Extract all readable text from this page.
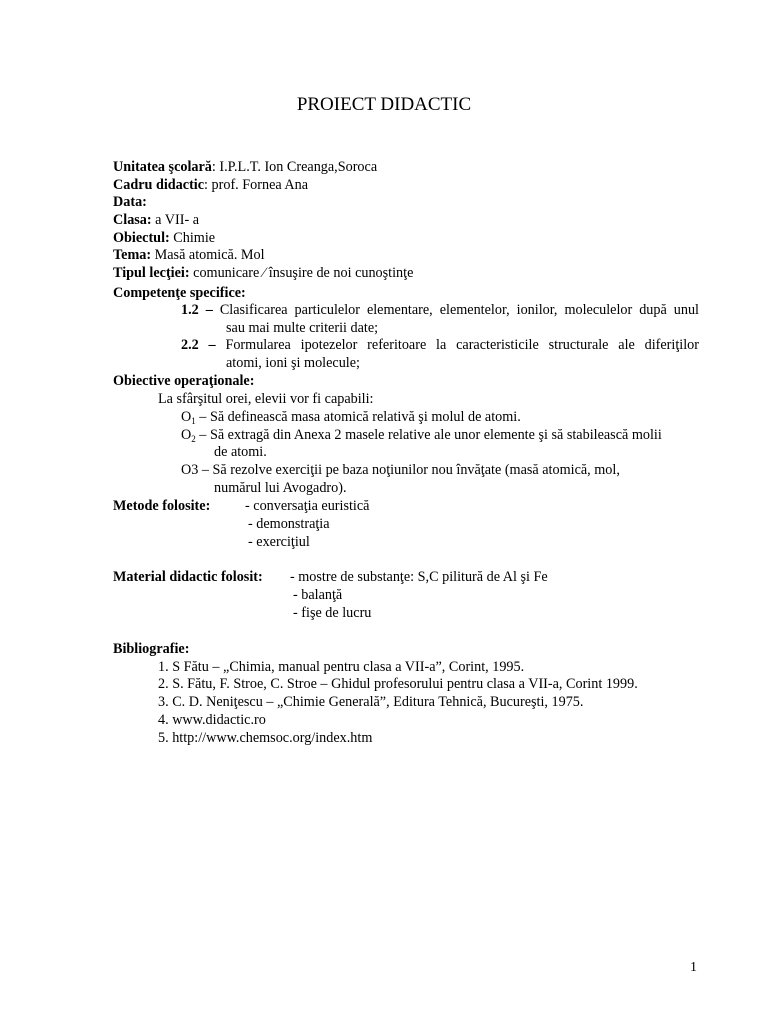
PROIECT DIDACTIC
Unitatea şcolară: I.P.L.T. Ion Creanga,Soroca
Cadru didactic: prof. Fornea Ana
Data:
Clasa: a VII- a
Obiectul: Chimie
Tema: Masă atomică. Mol
Tipul lecţiei: comunicare ⁄ însuşire de noi cunoştinţe
Competenţe specifice:
1.2 – Clasificarea particulelor elementare, elementelor, ionilor, moleculelor după unul
sau mai multe criterii date;
2.2 – Formularea ipotezelor referitoare la caracteristicile structurale ale diferiţilor
atomi, ioni şi molecule;
Obiective operaţionale:
La sfârşitul orei, elevii vor fi capabili:
$O_1$ – Să definească masa atomică relativă şi molul de atomi.
$O_2$ – Să extragă din Anexa 2 masele relative ale unor elemente şi să stabilească molii
de atomi.
O3 – Să rezolve exerciţii pe baza noţiunilor nou învăţate (masă atomică, mol,
numărul lui Avogadro).
Metode folosite: - conversaţia euristică
- demonstraţia
- exerciţiul
Material didactic folosit: - mostre de substanţe: S,C pilitură de Al şi Fe
- balanţă
- fişe de lucru
Bibliografie:
1. S Fătu – „Chimia, manual pentru clasa a VII-a”, Corint, 1995.
2. S. Fătu, F. Stroe, C. Stroe – Ghidul profesorului pentru clasa a VII-a, Corint 1999.
3. C. D. Neniţescu – „Chimie Generală”, Editura Tehnică, Bucureşti, 1975.
4. www.didactic.ro
5. http://www.chemsoc.org/index.htm
1
